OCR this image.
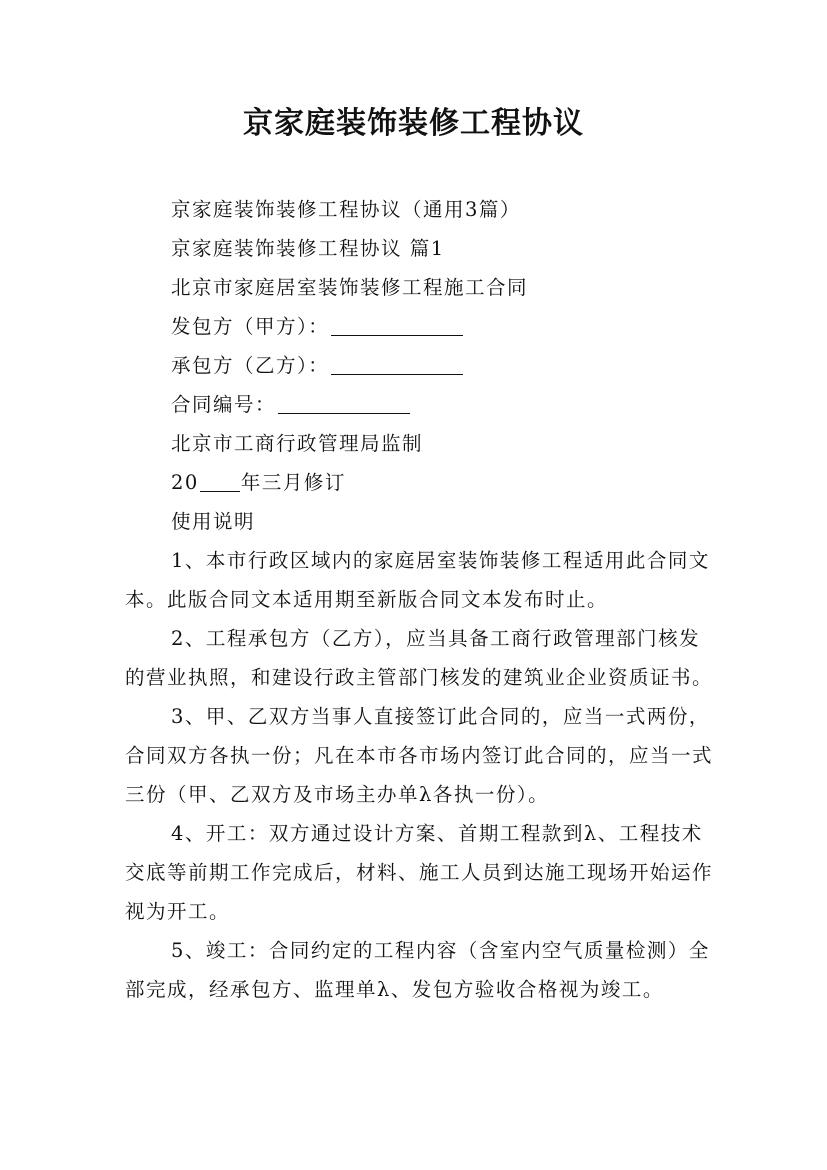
京家庭装饰装修工程协议
京家庭装饰装修工程协议（通用3篇）
京家庭装饰装修工程协议 篇1
北京市家庭居室装饰装修工程施工合同
发包方（甲方）：
承包方（乙方）：
合同编号：
北京市工商行政管理局监制
20 年三月修订
使用说明

1、本市行政区域内的家庭居室装饰装修工程适用此合同文本。此版合同文本适用期至新版合同文本发布时止。

2、工程承包方（乙方），应当具备工商行政管理部门核发的营业执照，和建设行政主管部门核发的建筑业企业资质证书。

3、甲、乙双方当事人直接签订此合同的，应当一式两份，合同双方各执一份；凡在本市各市场内签订此合同的，应当一式三份（甲、乙双方及市场主办单λ各执一份）。

4、开工：双方通过设计方案、首期工程款到λ、工程技术交底等前期工作完成后，材料、施工人员到达施工现场开始运作视为开工。

5、竣工：合同约定的工程内容（含室内空气质量检测）全部完成，经承包方、监理单λ、发包方验收合格视为竣工。
